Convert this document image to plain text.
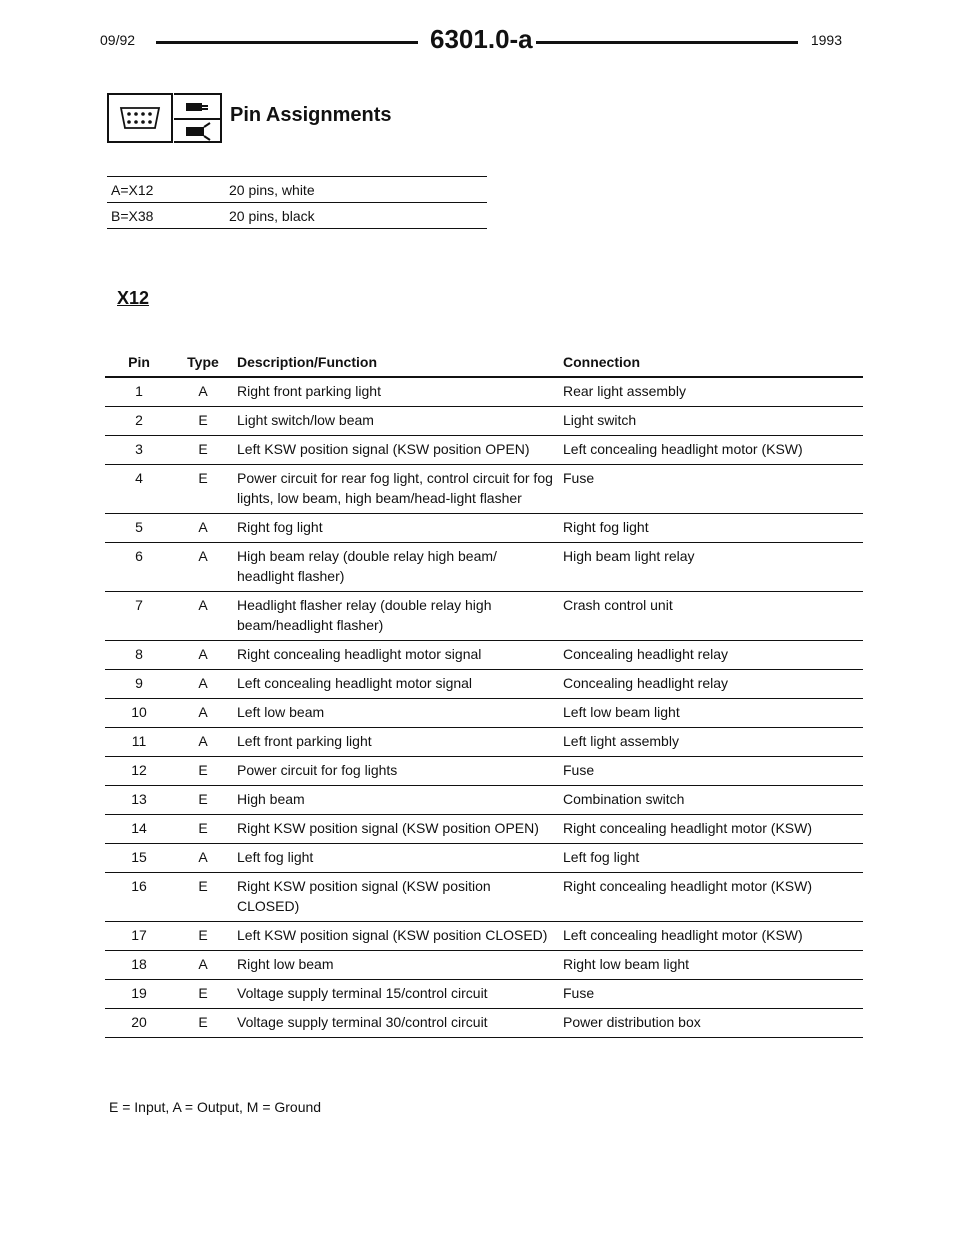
09/92	6301.0-a	1993
Pin Assignments
A=X12	20 pins, white
B=X38	20 pins, black
X12
Pin	Type	Description/Function	Connection
1	A	Right front parking light	Rear light assembly
2	E	Light switch/low beam	Light switch
3	E	Left KSW position signal (KSW position OPEN)	Left concealing headlight motor (KSW)
4	E	Power circuit for rear fog light, control circuit for fog lights, low beam, high beam/head-light flasher	Fuse
5	A	Right fog light	Right fog light
6	A	High beam relay (double relay high beam/ headlight flasher)	High beam light relay
7	A	Headlight flasher relay (double relay high beam/headlight flasher)	Crash control unit
8	A	Right concealing headlight motor signal	Concealing headlight relay
9	A	Left concealing headlight motor signal	Concealing headlight relay
10	A	Left low beam	Left low beam light
11	A	Left front parking light	Left light assembly
12	E	Power circuit for fog lights	Fuse
13	E	High beam	Combination switch
14	E	Right KSW position signal (KSW position OPEN)	Right concealing headlight motor (KSW)
15	A	Left fog light	Left fog light
16	E	Right KSW position signal (KSW position CLOSED)	Right concealing headlight motor (KSW)
17	E	Left KSW position signal (KSW position CLOSED)	Left concealing headlight motor (KSW)
18	A	Right low beam	Right low beam light
19	E	Voltage supply terminal 15/control circuit	Fuse
20	E	Voltage supply terminal 30/control circuit	Power distribution box
E = Input, A = Output, M = Ground
